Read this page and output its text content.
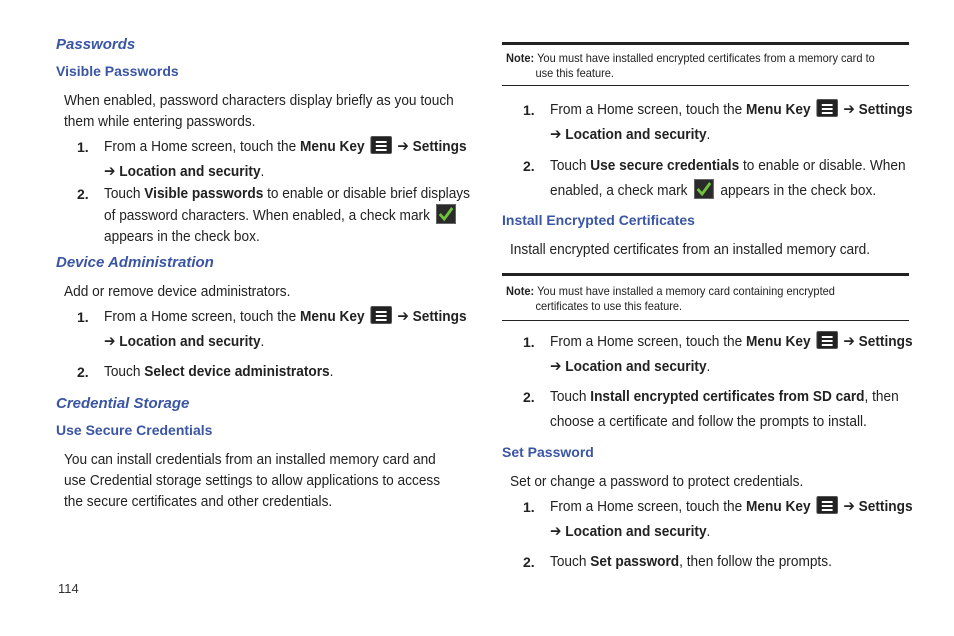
Passwords
Visible Passwords
When enabled, password characters display briefly as you touch
them while entering passwords.
1. From a Home screen, touch the Menu Key ➔ Settings
➔ Location and security.
2. Touch Visible passwords to enable or disable brief displays
of password characters. When enabled, a check mark
appears in the check box.
Device Administration
Add or remove device administrators.
1. From a Home screen, touch the Menu Key ➔ Settings
➔ Location and security.
2. Touch Select device administrators.
Credential Storage
Use Secure Credentials
You can install credentials from an installed memory card and
use Credential storage settings to allow applications to access
the secure certificates and other credentials.
114
Note: You must have installed encrypted certificates from a memory card to
use this feature.
1. From a Home screen, touch the Menu Key ➔ Settings
➔ Location and security.
2. Touch Use secure credentials to enable or disable. When
enabled, a check mark appears in the check box.
Install Encrypted Certificates
Install encrypted certificates from an installed memory card.
Note: You must have installed a memory card containing encrypted
certificates to use this feature.
1. From a Home screen, touch the Menu Key ➔ Settings
➔ Location and security.
2. Touch Install encrypted certificates from SD card, then
choose a certificate and follow the prompts to install.
Set Password
Set or change a password to protect credentials.
1. From a Home screen, touch the Menu Key ➔ Settings
➔ Location and security.
2. Touch Set password, then follow the prompts.
